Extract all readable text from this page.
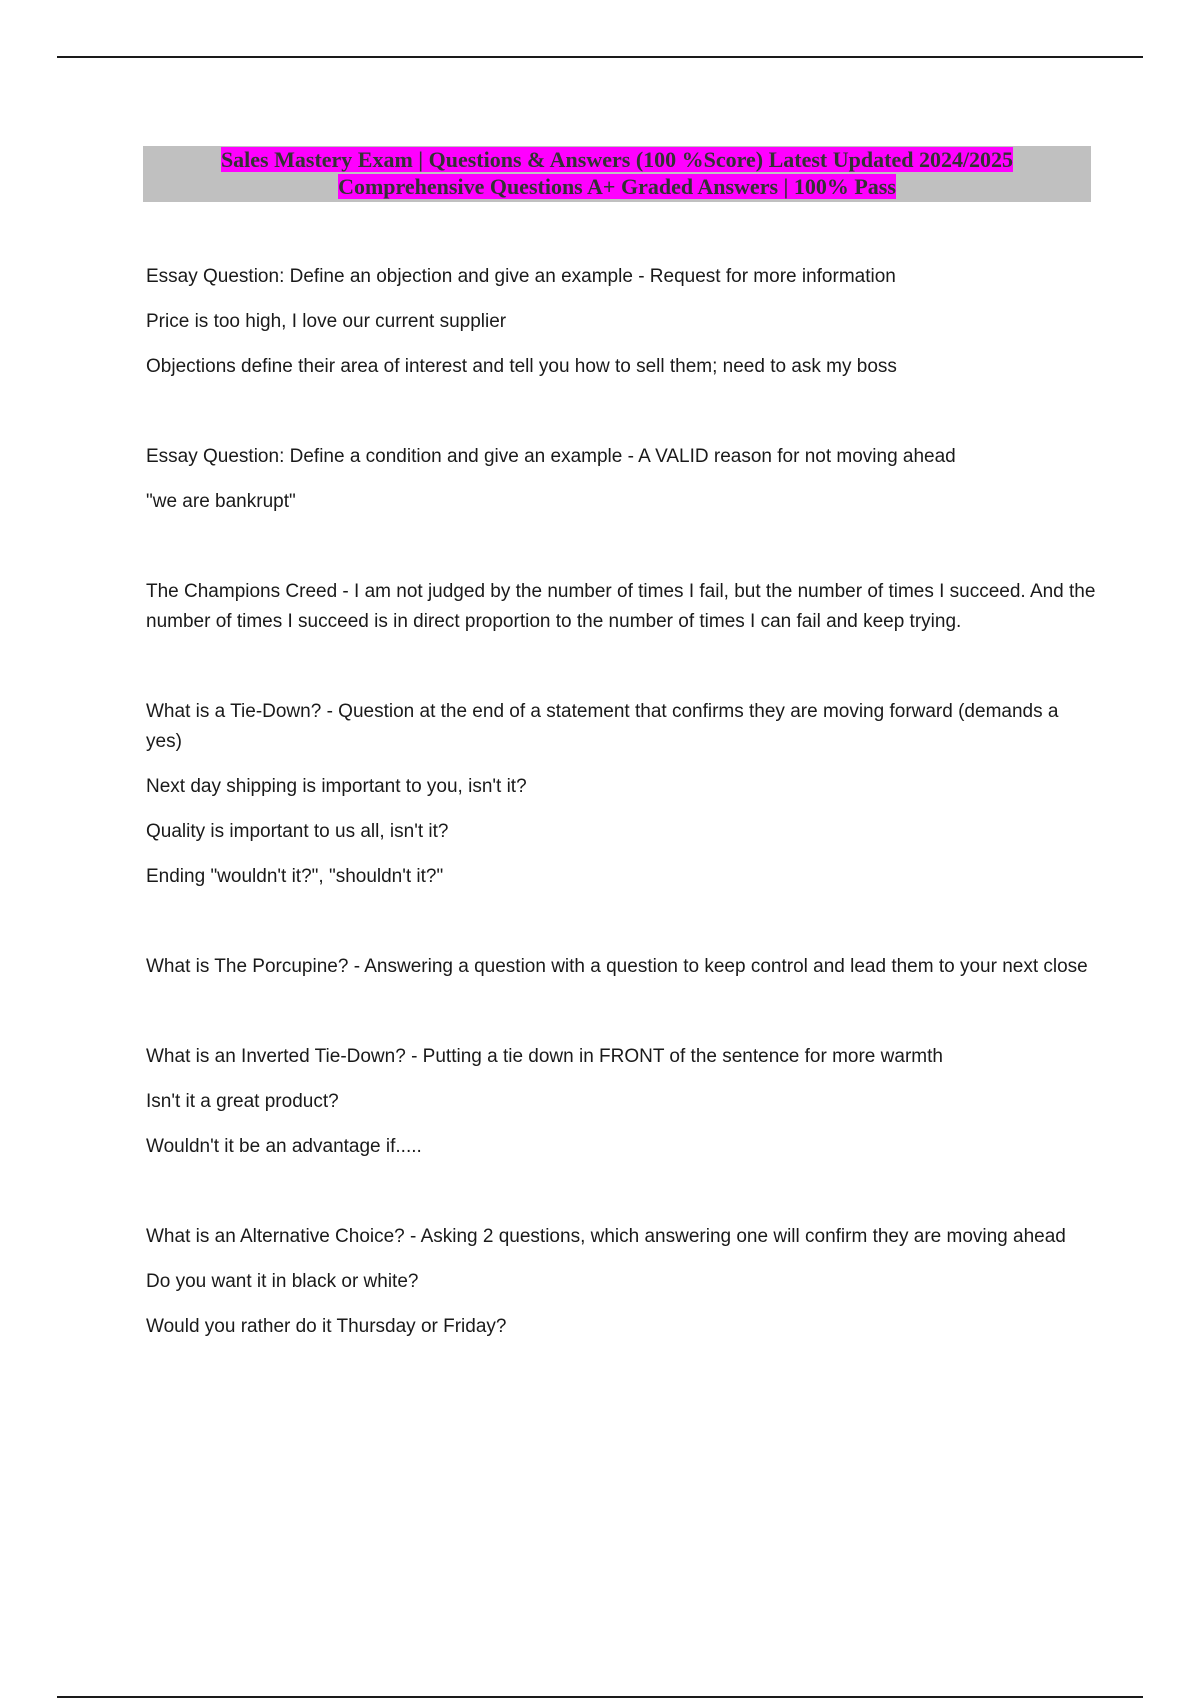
Sales Mastery Exam | Questions & Answers (100 %Score) Latest Updated 2024/2025
Comprehensive Questions A+ Graded Answers | 100% Pass

Essay Question: Define an objection and give an example - Request for more information

Price is too high, I love our current supplier

Objections define their area of interest and tell you how to sell them; need to ask my boss

Essay Question: Define a condition and give an example - A VALID reason for not moving ahead

"we are bankrupt"

The Champions Creed - I am not judged by the number of times I fail, but the number of times I succeed. And the number of times I succeed is in direct proportion to the number of times I can fail and keep trying.

What is a Tie-Down? - Question at the end of a statement that confirms they are moving forward (demands a yes)

Next day shipping is important to you, isn't it?

Quality is important to us all, isn't it?

Ending "wouldn't it?", "shouldn't it?"

What is The Porcupine? - Answering a question with a question to keep control and lead them to your next close

What is an Inverted Tie-Down? - Putting a tie down in FRONT of the sentence for more warmth

Isn't it a great product?

Wouldn't it be an advantage if.....

What is an Alternative Choice? - Asking 2 questions, which answering one will confirm they are moving ahead

Do you want it in black or white?

Would you rather do it Thursday or Friday?
